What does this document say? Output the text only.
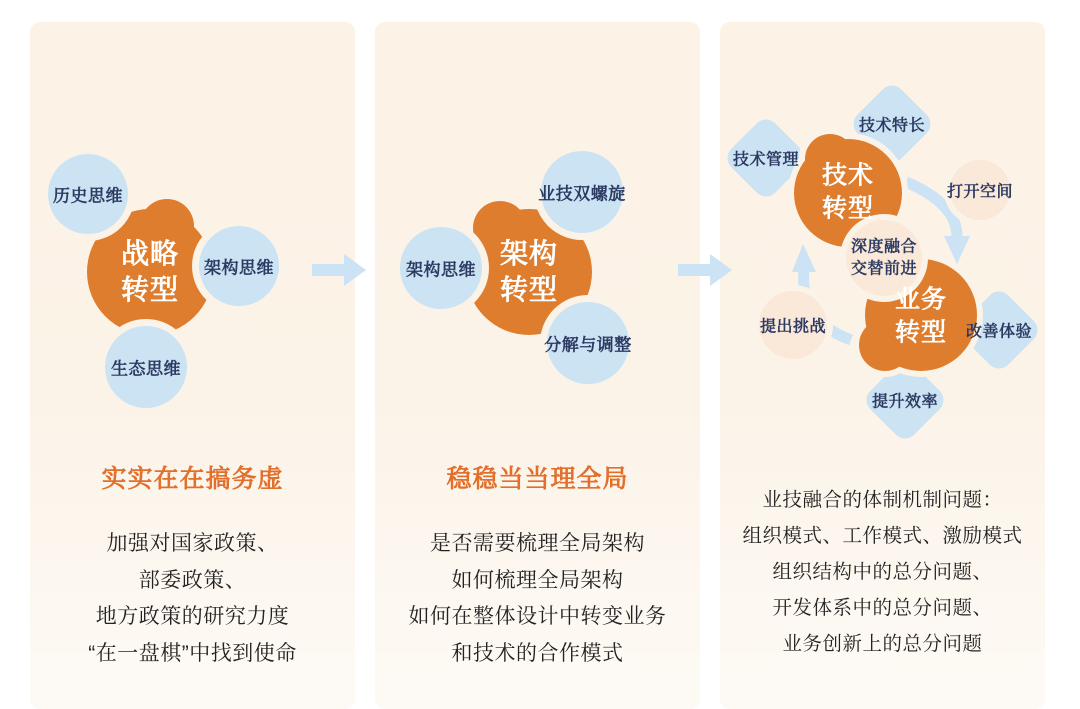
战略
转型
历史思维
架构思维
生态思维
实实在在搞务虚

加强对国家政策、

部委政策、

地方政策的研究力度

“在一盘棋”中找到使命

架构
转型
业技双螺旋
架构思维
分解与调整
稳稳当当理全局

是否需要梳理全局架构

如何梳理全局架构

如何在整体设计中转变业务

和技术的合作模式

技术管理
技术特长
技术
转型
打开空间
深度融合
交替前进
提出挑战
业务
转型 改善体验
提升效率

业技融合的体制机制问题：

组织模式、工作模式、激励模式

组织结构中的总分问题、

开发体系中的总分问题、

业务创新上的总分问题
